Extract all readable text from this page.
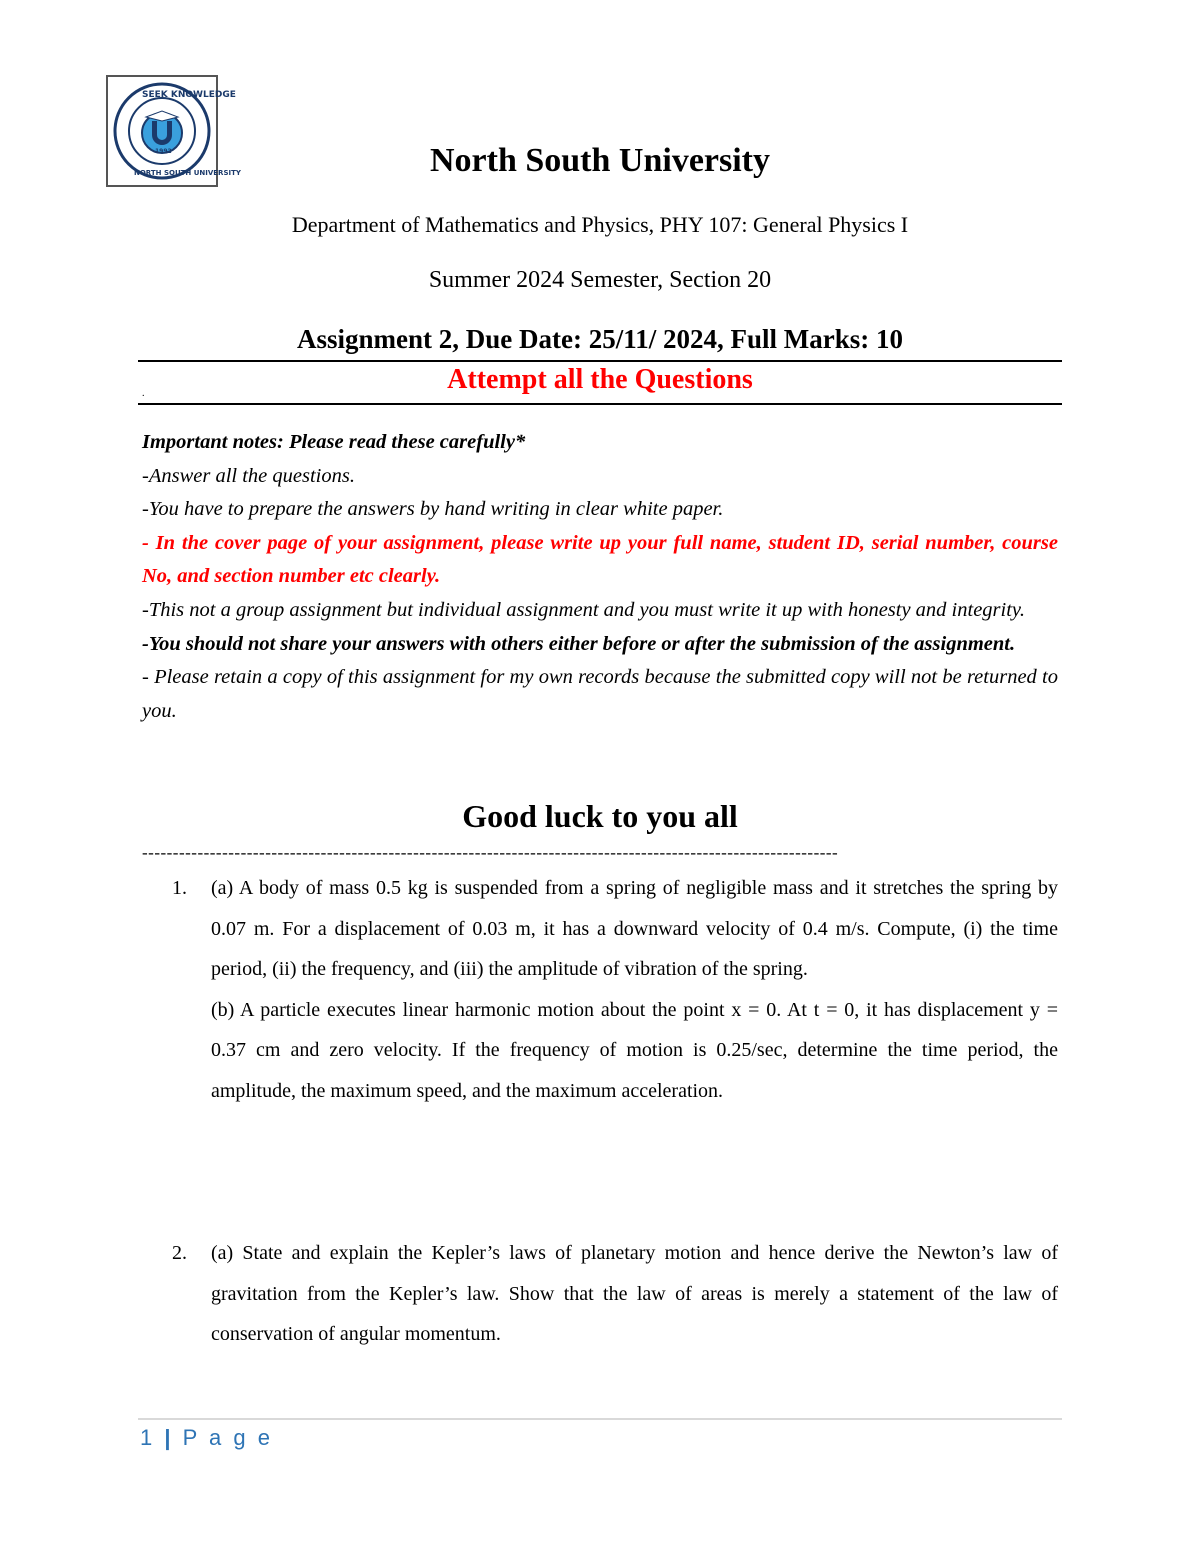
SEEK KNOWLEDGE
NORTH SOUTH UNIVERSITY
1992	North South University
Department of Mathematics and Physics, PHY 107: General Physics I
Summer 2024 Semester, Section 20
Assignment 2, Due Date: 25/11/ 2024, Full Marks: 10
Attempt all the Questions
.

Important notes: Please read these carefully*

-Answer all the questions.

-You have to prepare the answers by hand writing in clear white paper.

- In the cover page of your assignment, please write up your full name, student ID, serial number, course No, and section number etc clearly.

-This not a group assignment but individual assignment and you must write it up with honesty and integrity.

-You should not share your answers with others either before or after the submission of the assignment.

- Please retain a copy of this assignment for my own records because the submitted copy will not be returned to you.

Good luck to you all
-----------------------------------------------------------------------------------------------------------------
1. (a) A body of mass 0.5 kg is suspended from a spring of negligible mass and it stretches the spring by 0.07 m. For a displacement of 0.03 m, it has a downward velocity of 0.4 m/s. Compute, (i) the time period, (ii) the frequency, and (iii) the amplitude of vibration of the spring.

(b) A particle executes linear harmonic motion about the point x = 0. At t = 0, it has displacement y = 0.37 cm and zero velocity. If the frequency of motion is 0.25/sec, determine the time period, the amplitude, the maximum speed, and the maximum acceleration.

2. (a) State and explain the Kepler’s laws of planetary motion and hence derive the Newton’s law of gravitation from the Kepler’s law. Show that the law of areas is merely a statement of the law of conservation of angular momentum.

1 | P a g e
